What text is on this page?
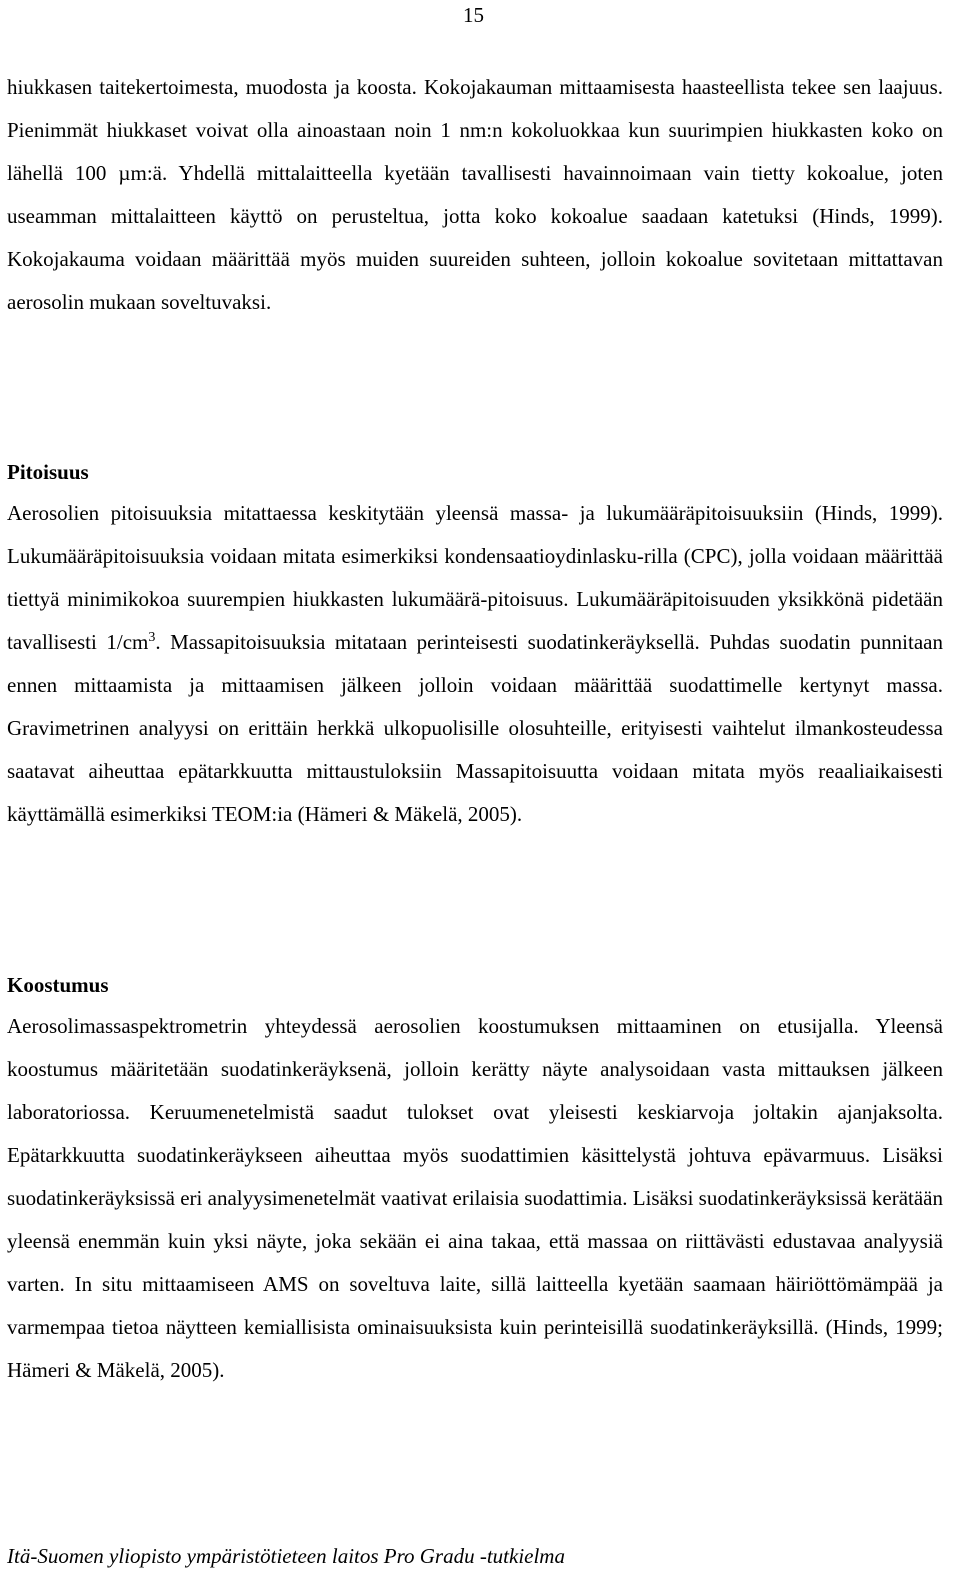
15

hiukkasen taitekertoimesta, muodosta ja koosta. Kokojakauman mittaamisesta haasteellista tekee sen laajuus. Pienimmät hiukkaset voivat olla ainoastaan noin 1 nm:n kokoluokkaa kun suurimpien hiukkasten koko on lähellä 100 µm:ä. Yhdellä mittalaitteella kyetään tavallisesti havainnoimaan vain tietty kokoalue, joten useamman mittalaitteen käyttö on perusteltua, jotta koko kokoalue saadaan katetuksi (Hinds, 1999). Kokojakauma voidaan määrittää myös muiden suureiden suhteen, jolloin kokoalue sovitetaan mittattavan aerosolin mukaan soveltuvaksi.

Pitoisuus

Aerosolien pitoisuuksia mitattaessa keskitytään yleensä massa- ja lukumääräpitoisuuksiin (Hinds, 1999). Lukumääräpitoisuuksia voidaan mitata esimerkiksi kondensaatioydinlasku-rilla (CPC), jolla voidaan määrittää tiettyä minimikokoa suurempien hiukkasten lukumäärä-pitoisuus. Lukumääräpitoisuuden yksikkönä pidetään tavallisesti $1/cm^3$. Massapitoisuuksia mitataan perinteisesti suodatinkeräyksellä. Puhdas suodatin punnitaan ennen mittaamista ja mittaamisen jälkeen jolloin voidaan määrittää suodattimelle kertynyt massa. Gravimetrinen analyysi on erittäin herkkä ulkopuolisille olosuhteille, erityisesti vaihtelut ilmankosteudessa saatavat aiheuttaa epätarkkuutta mittaustuloksiin Massapitoisuutta voidaan mitata myös reaaliaikaisesti käyttämällä esimerkiksi TEOM:ia (Hämeri & Mäkelä, 2005).

Koostumus

Aerosolimassaspektrometrin yhteydessä aerosolien koostumuksen mittaaminen on etusijalla. Yleensä koostumus määritetään suodatinkeräyksenä, jolloin kerätty näyte analysoidaan vasta mittauksen jälkeen laboratoriossa. Keruumenetelmistä saadut tulokset ovat yleisesti keskiarvoja joltakin ajanjaksolta. Epätarkkuutta suodatinkeräykseen aiheuttaa myös suodattimien käsittelystä johtuva epävarmuus. Lisäksi suodatinkeräyksissä eri analyysimenetelmät vaativat erilaisia suodattimia. Lisäksi suodatinkeräyksissä kerätään yleensä enemmän kuin yksi näyte, joka sekään ei aina takaa, että massaa on riittävästi edustavaa analyysiä varten. In situ mittaamiseen AMS on soveltuva laite, sillä laitteella kyetään saamaan häiriöttömämpää ja varmempaa tietoa näytteen kemiallisista ominaisuuksista kuin perinteisillä suodatinkeräyksillä. (Hinds, 1999; Hämeri & Mäkelä, 2005).

Itä-Suomen yliopisto ympäristötieteen laitos Pro Gradu -tutkielma
